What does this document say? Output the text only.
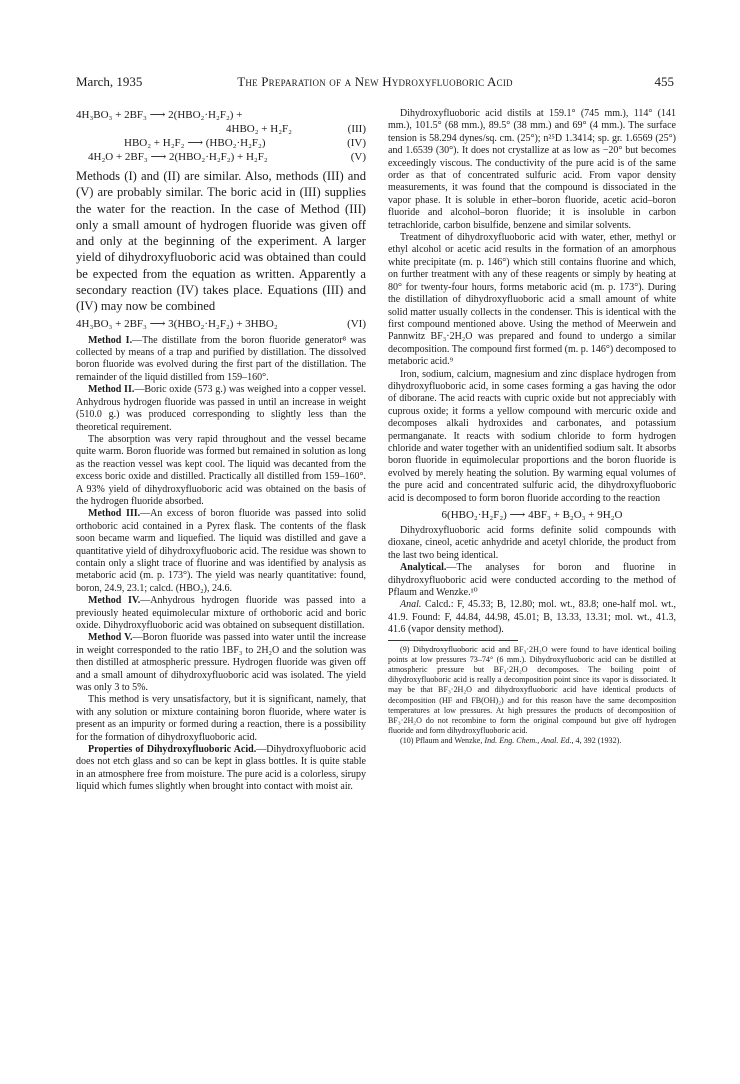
March, 1935	The Preparation of a New Hydroxyfluoboric Acid	455
4H₃BO₃ + 2BF₃ ⟶ 2(HBO₂·H₂F₂) +
4HBO₂ + H₂F₂	(III)
HBO₂ + H₂F₂ ⟶ (HBO₂·H₂F₂)	(IV)
4H₂O + 2BF₃ ⟶ 2(HBO₂·H₂F₂) + H₂F₂	(V)

Methods (I) and (II) are similar. Also, methods (III) and (V) are probably similar. The boric acid in (III) supplies the water for the reaction. In the case of Method (III) only a small amount of hydrogen fluoride was given off and only at the beginning of the experiment. A larger yield of dihydroxyfluoboric acid was obtained than could be expected from the equation as written. Apparently a secondary reaction (IV) takes place. Equations (III) and (IV) may now be combined

4H₃BO₃ + 2BF₃ ⟶ 3(HBO₂·H₂F₂) + 3HBO₂	(VI)

Method I.—The distillate from the boron fluoride generator⁸ was collected by means of a trap and purified by distillation. The dissolved boron fluoride was evolved during the first part of the distillation. The remainder of the liquid distilled from 159–160°.

Method II.—Boric oxide (573 g.) was weighed into a copper vessel. Anhydrous hydrogen fluoride was passed in until an increase in weight (510.0 g.) was produced corresponding to slightly less than the theoretical requirement.

The absorption was very rapid throughout and the vessel became quite warm. Boron fluoride was formed but remained in solution as long as the reaction vessel was kept cool. The liquid was decanted from the excess boric oxide and distilled. Practically all distilled from 159–160°. A 93% yield of dihydroxyfluoboric acid was obtained on the basis of the hydrogen fluoride absorbed.

Method III.—An excess of boron fluoride was passed into solid orthoboric acid contained in a Pyrex flask. The contents of the flask soon became warm and liquefied. The liquid was distilled and gave a quantitative yield of dihydroxyfluoboric acid. The residue was shown to contain only a slight trace of fluorine and was identified by analysis as metaboric acid (m. p. 173°). The yield was nearly quantitative: found, boron, 24.9, 23.1; calcd. (HBO₂), 24.6.

Method IV.—Anhydrous hydrogen fluoride was passed into a previously heated equimolecular mixture of orthoboric acid and boric oxide. Dihydroxyfluoboric acid was obtained on subsequent distillation.

Method V.—Boron fluoride was passed into water until the increase in weight corresponded to the ratio 1BF₃ to 2H₂O and the solution was then distilled at atmospheric pressure. Hydrogen fluoride was given off and a small amount of dihydroxyfluoboric acid was isolated. The yield was only 3 to 5%.

This method is very unsatisfactory, but it is significant, namely, that with any solution or mixture containing boron fluoride, where water is present as an impurity or formed during a reaction, there is a possibility for the formation of dihydroxyfluoboric acid.

Properties of Dihydroxyfluoboric Acid.—Dihydroxyfluoboric acid does not etch glass and so can be kept in glass bottles. It is quite stable in an atmosphere free from moisture. The pure acid is a colorless, sirupy liquid which fumes slightly when brought into contact with moist air.

Dihydroxyfluoboric acid distils at 159.1° (745 mm.), 114° (141 mm.), 101.5° (68 mm.), 89.5° (38 mm.) and 69° (4 mm.). The surface tension is 58.294 dynes/sq. cm. (25°); n²⁵D 1.3414; sp. gr. 1.6569 (25°) and 1.6539 (30°). It does not crystallize at as low as −20° but becomes exceedingly viscous. The conductivity of the pure acid is of the same order as that of concentrated sulfuric acid. From vapor density measurements, it was found that the compound is dissociated in the vapor phase. It is soluble in ether–boron fluoride, acetic acid–boron fluoride and alcohol–boron fluoride; it is insoluble in carbon tetrachloride, carbon bisulfide, benzene and similar solvents.

Treatment of dihydroxyfluoboric acid with water, ether, methyl or ethyl alcohol or acetic acid results in the formation of an amorphous white precipitate (m. p. 146°) which still contains fluorine and which, on further treatment with any of these reagents or simply by heating at 80° for twenty-four hours, forms metaboric acid (m. p. 173°). During the distillation of dihydroxyfluoboric acid a small amount of white solid matter usually collects in the condenser. This is identical with the first compound mentioned above. Using the method of Meerwein and Pannwitz BF₃·2H₂O was prepared and found to undergo a similar decomposition. The compound first formed (m. p. 146°) decomposed to metaboric acid.⁹

Iron, sodium, calcium, magnesium and zinc displace hydrogen from dihydroxyfluoboric acid, in some cases forming a gas having the odor of diborane. The acid reacts with cupric oxide but not appreciably with cuprous oxide; it forms a yellow compound with mercuric oxide and decomposes alkali hydroxides and carbonates, and potassium permanganate. It reacts with sodium chloride to form hydrogen chloride and water together with an unidentified sodium salt. It absorbs boron fluoride in equimolecular proportions and the boron fluoride is evolved by merely heating the solution. By warming equal volumes of the pure acid and concentrated sulfuric acid, the dihydroxyfluoboric acid is decomposed to form boron fluoride according to the reaction

6(HBO₂·H₂F₂) ⟶ 4BF₃ + B₂O₃ + 9H₂O

Dihydroxyfluoboric acid forms definite solid compounds with dioxane, cineol, acetic anhydride and acetyl chloride, the product from the last two being identical.

Analytical.—The analyses for boron and fluorine in dihydroxyfluoboric acid were conducted according to the method of Pflaum and Wenzke.¹⁰

Anal. Calcd.: F, 45.33; B, 12.80; mol. wt., 83.8; one-half mol. wt., 41.9. Found: F, 44.84, 44.98, 45.01; B, 13.33, 13.31; mol. wt., 41.3, 41.6 (vapor density method).

(9) Dihydroxyfluoboric acid and BF₃·2H₂O were found to have identical boiling points at low pressures 73–74° (6 mm.). Dihydroxyfluoboric acid can be distilled at atmospheric pressure but BF₃·2H₂O decomposes. The boiling point of dihydroxyfluoboric acid is really a decomposition point since its vapor is dissociated. It may be that BF₃·2H₂O and dihydroxyfluoboric acid have identical products of decomposition (HF and FB(OH)₂) and for this reason have the same decomposition temperatures at low pressures. At high pressures the products of decomposition of BF₃·2H₂O do not recombine to form the original compound but give off hydrogen fluoride and form dihydroxyfluoboric acid.

(10) Pflaum and Wenzke, Ind. Eng. Chem., Anal. Ed., 4, 392 (1932).
